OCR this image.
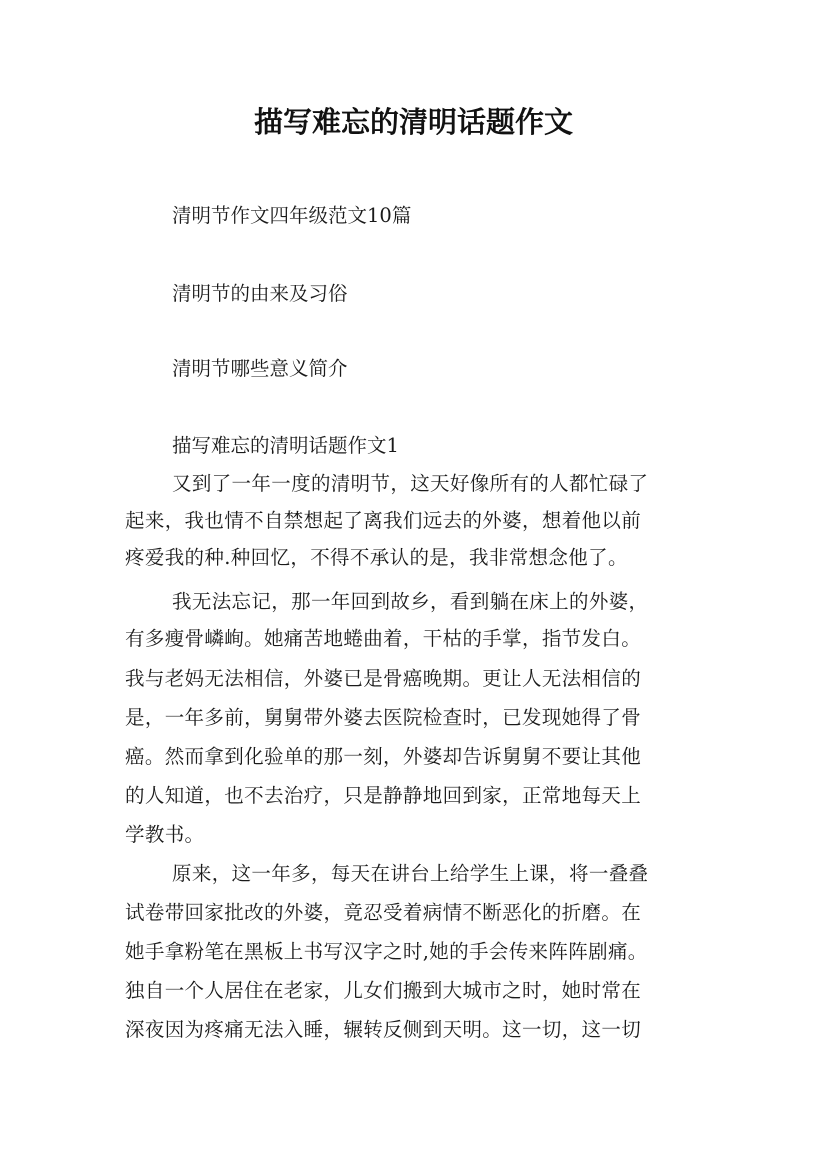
描写难忘的清明话题作文
清明节作文四年级范文10篇
清明节的由来及习俗
清明节哪些意义简介
描写难忘的清明话题作文1
又到了一年一度的清明节，这天好像所有的人都忙碌了
起来，我也情不自禁想起了离我们远去的外婆，想着他以前
疼爱我的种.种回忆，不得不承认的是，我非常想念他了。
我无法忘记，那一年回到故乡，看到躺在床上的外婆，
有多瘦骨嶙峋。她痛苦地蜷曲着，干枯的手掌，指节发白。
我与老妈无法相信，外婆已是骨癌晚期。更让人无法相信的
是，一年多前，舅舅带外婆去医院检查时，已发现她得了骨
癌。然而拿到化验单的那一刻，外婆却告诉舅舅不要让其他
的人知道，也不去治疗，只是静静地回到家，正常地每天上
学教书。
原来，这一年多，每天在讲台上给学生上课，将一叠叠
试卷带回家批改的外婆，竟忍受着病情不断恶化的折磨。在
她手拿粉笔在黑板上书写汉字之时,她的手会传来阵阵剧痛。
独自一个人居住在老家，儿女们搬到大城市之时，她时常在
深夜因为疼痛无法入睡，辗转反侧到天明。这一切，这一切
